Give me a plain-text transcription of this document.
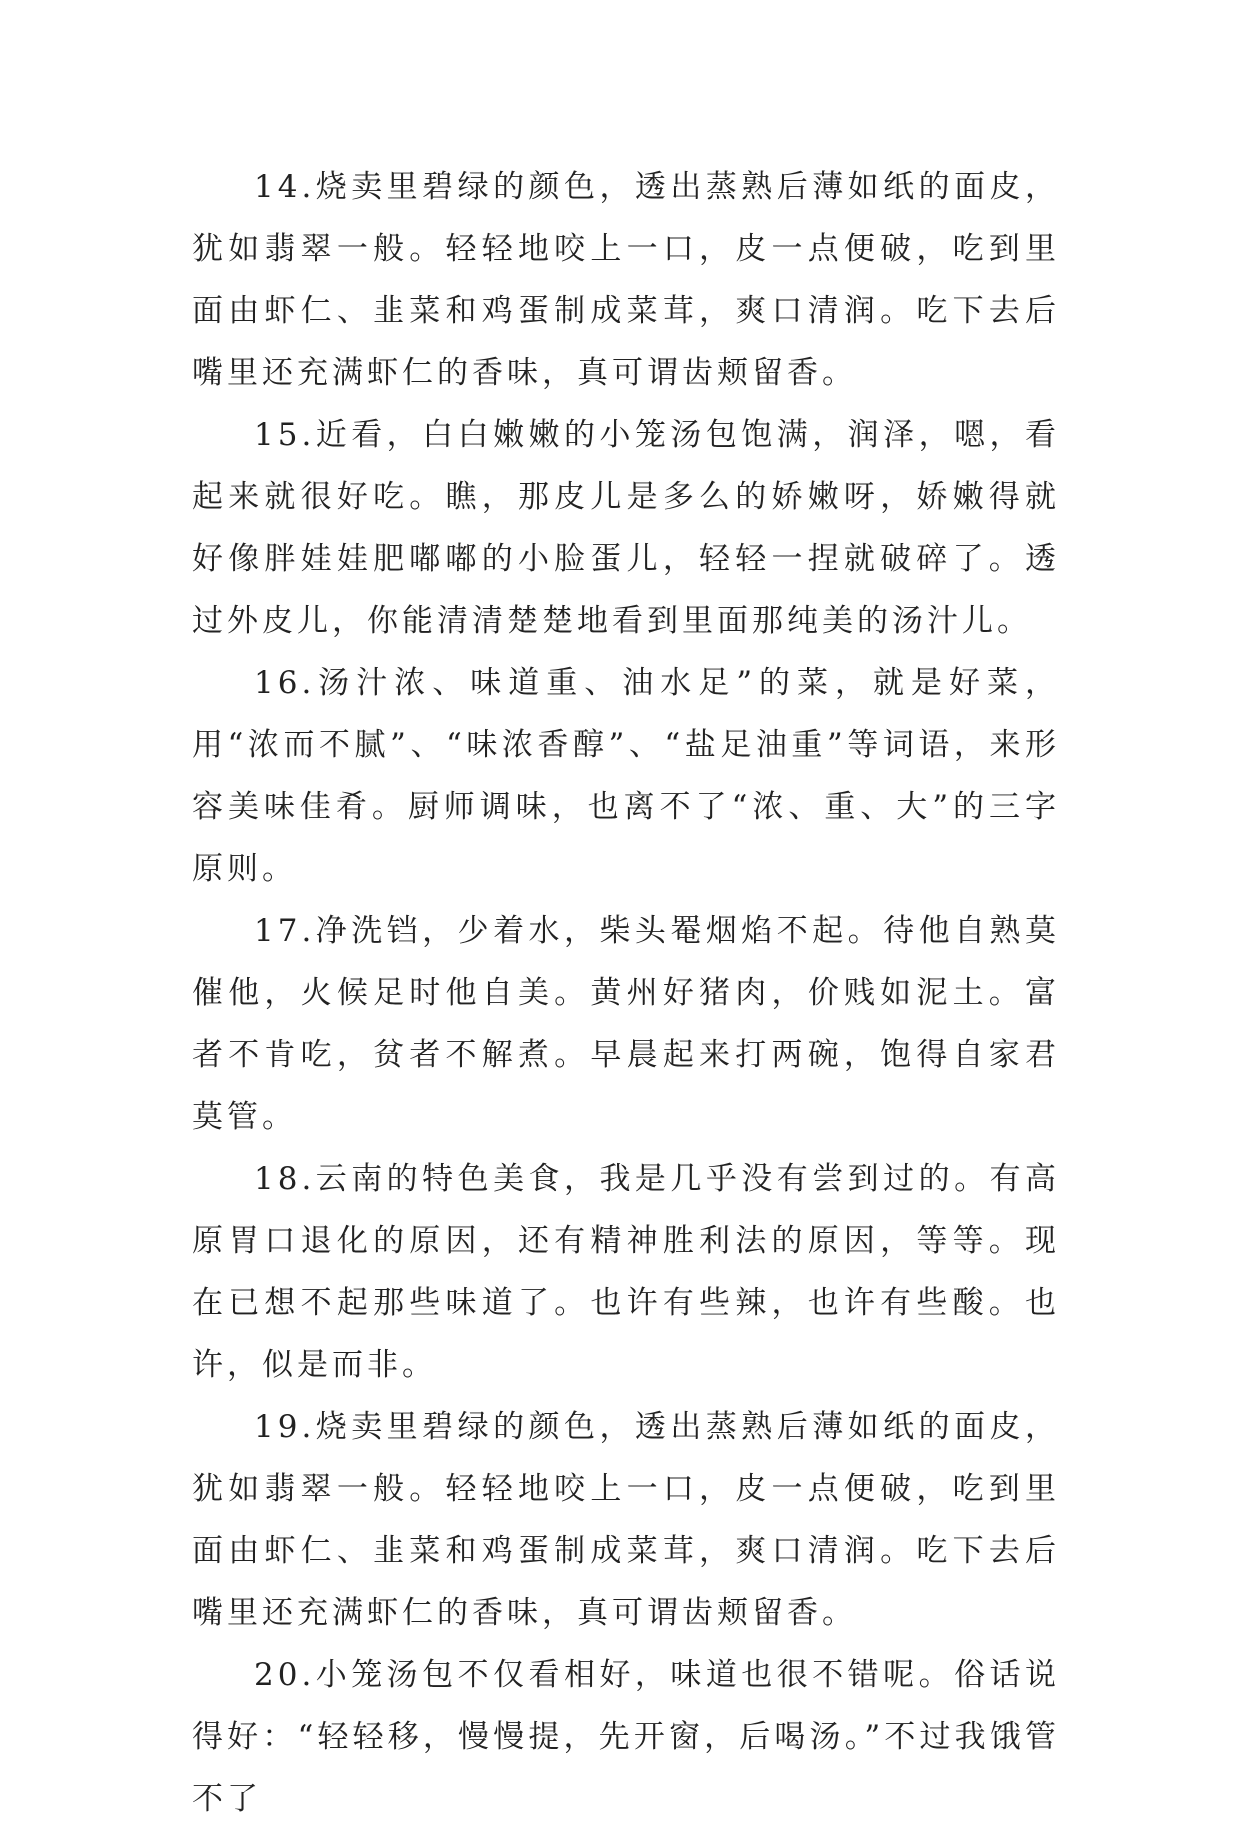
14.烧卖里碧绿的颜色，透出蒸熟后薄如纸的面皮，犹如翡翠一般。轻轻地咬上一口，皮一点便破，吃到里面由虾仁、韭菜和鸡蛋制成菜茸，爽口清润。吃下去后嘴里还充满虾仁的香味，真可谓齿颊留香。

15.近看，白白嫩嫩的小笼汤包饱满，润泽，嗯，看起来就很好吃。瞧，那皮儿是多么的娇嫩呀，娇嫩得就好像胖娃娃肥嘟嘟的小脸蛋儿，轻轻一捏就破碎了。透过外皮儿，你能清清楚楚地看到里面那纯美的汤汁儿。

16.汤汁浓、味道重、油水足”的菜，就是好菜，用“浓而不腻”、“味浓香醇”、“盐足油重”等词语，来形容美味佳肴。厨师调味，也离不了“浓、重、大”的三字原则。

17.净洗铛，少着水，柴头罨烟焰不起。待他自熟莫催他，火候足时他自美。黄州好猪肉，价贱如泥土。富者不肯吃，贫者不解煮。早晨起来打两碗，饱得自家君莫管。

18.云南的特色美食，我是几乎没有尝到过的。有高原胃口退化的原因，还有精神胜利法的原因，等等。现在已想不起那些味道了。也许有些辣，也许有些酸。也许，似是而非。

19.烧卖里碧绿的颜色，透出蒸熟后薄如纸的面皮，犹如翡翠一般。轻轻地咬上一口，皮一点便破，吃到里面由虾仁、韭菜和鸡蛋制成菜茸，爽口清润。吃下去后嘴里还充满虾仁的香味，真可谓齿颊留香。

20.小笼汤包不仅看相好，味道也很不错呢。俗话说得好：“轻轻移，慢慢提，先开窗，后喝汤。”不过我饿管不了
